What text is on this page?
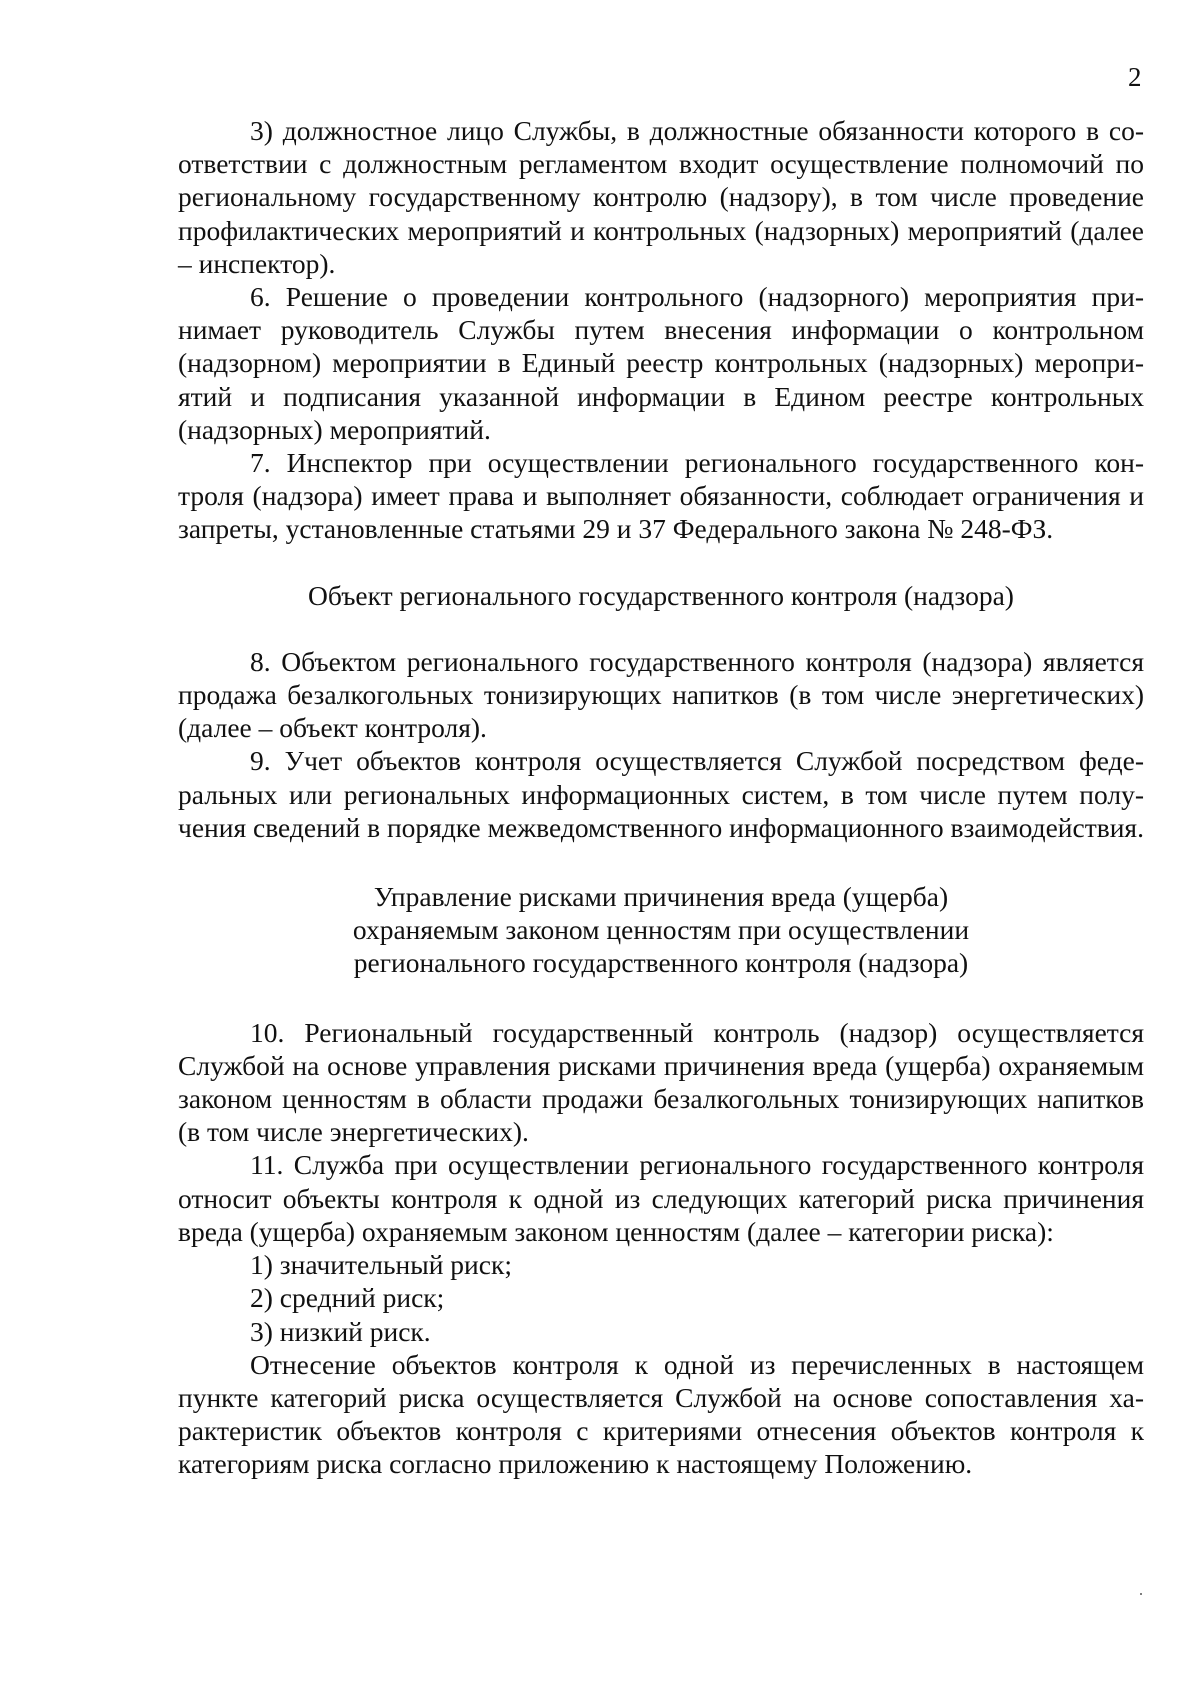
2

3) должностное лицо Службы, в должностные обязанности которого в соответствии с должностным регламентом входит осуществление полномочий по региональному государственному контролю (надзору), в том числе проведение профилактических мероприятий и контрольных (надзорных) мероприятий (далее – инспектор).

6. Решение о проведении контрольного (надзорного) мероприятия принимает руководитель Службы путем внесения информации о контрольном (надзорном) мероприятии в Единый реестр контрольных (надзорных) мероприятий и подписания указанной информации в Едином реестре контрольных (надзорных) мероприятий.

7. Инспектор при осуществлении регионального государственного контроля (надзора) имеет права и выполняет обязанности, соблюдает ограничения и запреты, установленные статьями 29 и 37 Федерального закона № 248-ФЗ.

Объект регионального государственного контроля (надзора)

8. Объектом регионального государственного контроля (надзора) является продажа безалкогольных тонизирующих напитков (в том числе энергетических) (далее – объект контроля).

9. Учет объектов контроля осуществляется Службой посредством федеральных или региональных информационных систем, в том числе путем получения сведений в порядке межведомственного информационного взаимодействия.

Управление рисками причинения вреда (ущерба)
охраняемым законом ценностям при осуществлении
регионального государственного контроля (надзора)

10. Региональный государственный контроль (надзор) осуществляется Службой на основе управления рисками причинения вреда (ущерба) охраняемым законом ценностям в области продажи безалкогольных тонизирующих напитков (в том числе энергетических).

11. Служба при осуществлении регионального государственного контроля относит объекты контроля к одной из следующих категорий риска причинения вреда (ущерба) охраняемым законом ценностям (далее – категории риска):

1) значительный риск;

2) средний риск;

3) низкий риск.

Отнесение объектов контроля к одной из перечисленных в настоящем пункте категорий риска осуществляется Службой на основе сопоставления характеристик объектов контроля с критериями отнесения объектов контроля к категориям риска согласно приложению к настоящему Положению.
